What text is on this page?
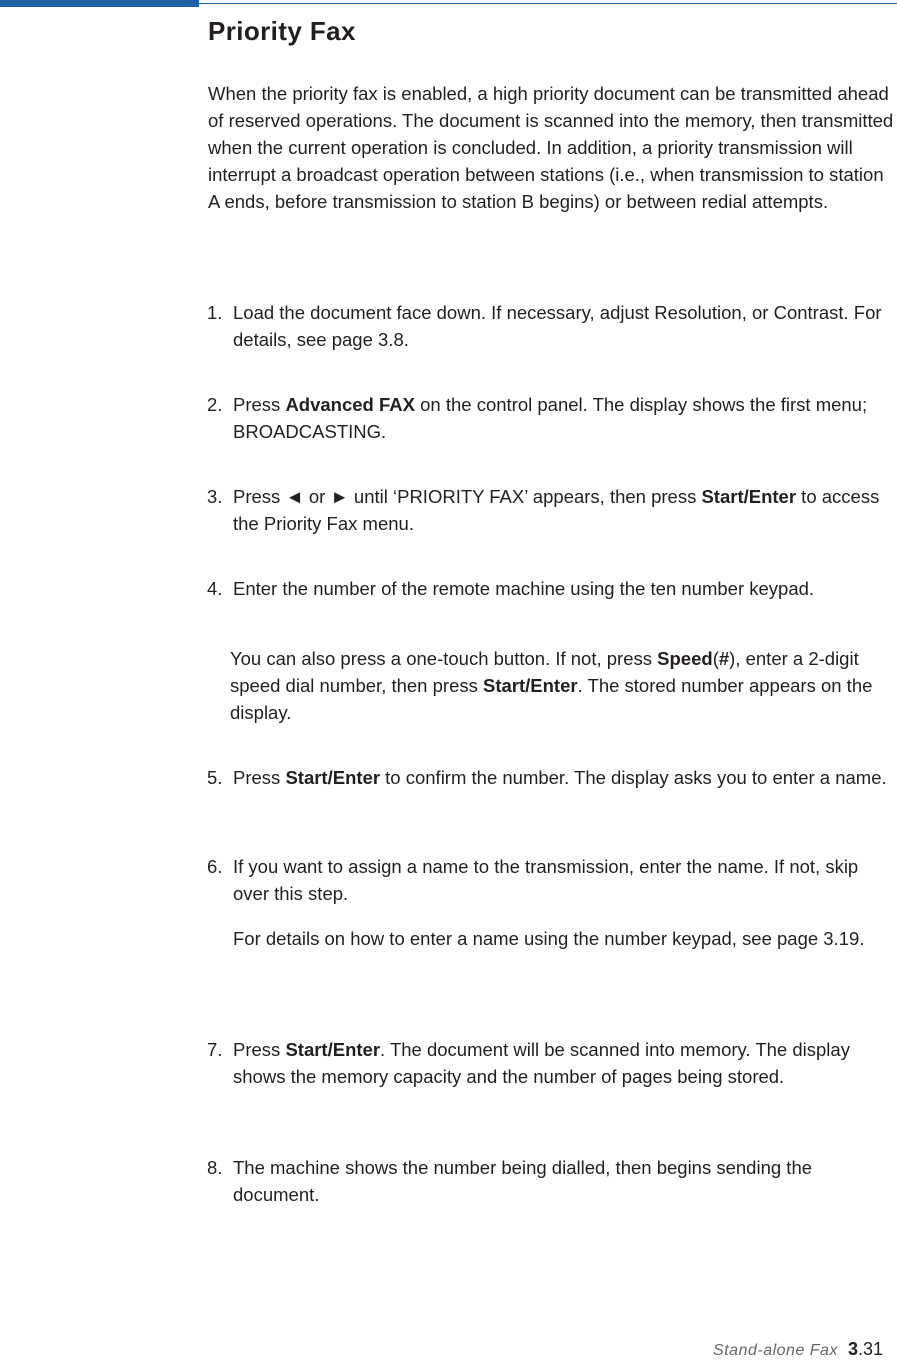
Priority Fax

When the priority fax is enabled, a high priority document can be transmitted ahead of reserved operations. The document is scanned into the memory, then transmitted when the current operation is concluded. In addition, a priority transmission will interrupt a broadcast operation between stations (i.e., when transmission to station A ends, before transmission to station B begins) or between redial attempts.

1. Load the document face down. If necessary, adjust Resolution, or Contrast. For details, see page 3.8.
2. Press Advanced FAX on the control panel. The display shows the first menu; BROADCASTING.
3. Press ◄ or ► until ‘PRIORITY FAX’ appears, then press Start/Enter to access the Priority Fax menu.
4. Enter the number of the remote machine using the ten number keypad.
You can also press a one-touch button. If not, press Speed(#), enter a 2-digit speed dial number, then press Start/Enter. The stored number appears on the display.
5. Press Start/Enter to confirm the number. The display asks you to enter a name.
6. If you want to assign a name to the transmission, enter the name. If not, skip over this step.
For details on how to enter a name using the number keypad, see page 3.19.
7. Press Start/Enter. The document will be scanned into memory. The display shows the memory capacity and the number of pages being stored.
8. The machine shows the number being dialled, then begins sending the document.
Stand-alone Fax 3.31
